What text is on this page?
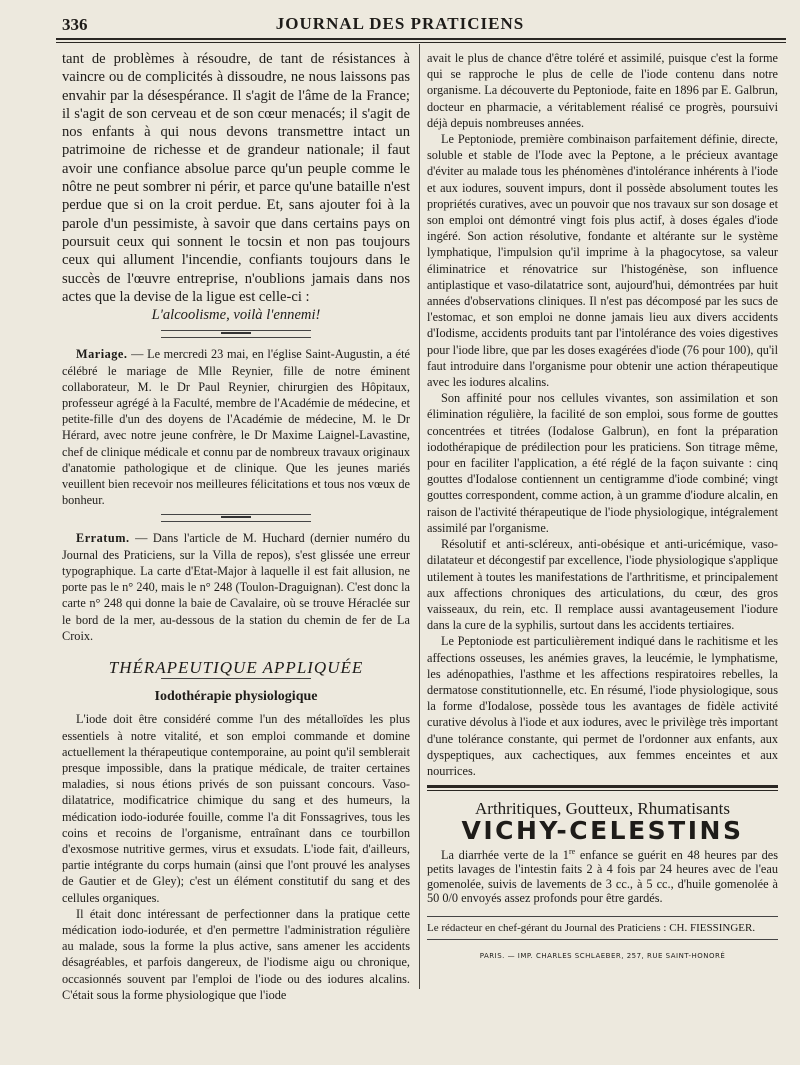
336	JOURNAL DES PRATICIENS

tant de problèmes à résoudre, de tant de résistances à vaincre ou de complicités à dissoudre, ne nous laissons pas envahir par la désespérance. Il s'agit de l'âme de la France; il s'agit de son cerveau et de son cœur menacés; il s'agit de nos enfants à qui nous devons transmettre intact un patrimoine de richesse et de grandeur nationale; il faut avoir une confiance absolue parce qu'un peuple comme le nôtre ne peut sombrer ni périr, et parce qu'une bataille n'est perdue que si on la croit perdue. Et, sans ajouter foi à la parole d'un pessimiste, à savoir que dans certains pays on poursuit ceux qui sonnent le tocsin et non pas toujours ceux qui allument l'incendie, confiants toujours dans le succès de l'œuvre entreprise, n'oublions jamais dans nos actes que la devise de la ligue est celle-ci :

L'alcoolisme, voilà l'ennemi!

Mariage. — Le mercredi 23 mai, en l'église Saint-Augustin, a été célébré le mariage de Mlle Reynier, fille de notre éminent collaborateur, M. le Dr Paul Reynier, chirurgien des Hôpitaux, professeur agrégé à la Faculté, membre de l'Académie de médecine, et petite-fille d'un des doyens de l'Académie de médecine, M. le Dr Hérard, avec notre jeune confrère, le Dr Maxime Laignel-Lavastine, chef de clinique médicale et connu par de nombreux travaux originaux d'anatomie pathologique et de clinique. Que les jeunes mariés veuillent bien recevoir nos meilleures félicitations et tous nos vœux de bonheur.

Erratum. — Dans l'article de M. Huchard (dernier numéro du Journal des Praticiens, sur la Villa de repos), s'est glissée une erreur typographique. La carte d'Etat-Major à laquelle il est fait allusion, ne porte pas le n° 240, mais le n° 248 (Toulon-Draguignan). C'est donc la carte n° 248 qui donne la baie de Cavalaire, où se trouve Héraclée sur le bord de la mer, au-dessous de la station du chemin de fer de La Croix.

THÉRAPEUTIQUE APPLIQUÉE
Iodothérapie physiologique

L'iode doit être considéré comme l'un des métalloïdes les plus essentiels à notre vitalité, et son emploi commande et domine actuellement la thérapeutique contemporaine, au point qu'il semblerait presque impossible, dans la pratique médicale, de traiter certaines maladies, si nous étions privés de son puissant concours. Vaso-dilatatrice, modificatrice chimique du sang et des humeurs, la médication iodo-iodurée fouille, comme l'a dit Fonssagrives, tous les coins et recoins de l'organisme, entraînant dans ce tourbillon d'exosmose nutritive germes, virus et exsudats. L'iode fait, d'ailleurs, partie intégrante du corps humain (ainsi que l'ont prouvé les analyses de Gautier et de Gley); c'est un élément constitutif du sang et des cellules organiques.

Il était donc intéressant de perfectionner dans la pratique cette médication iodo-iodurée, et d'en permettre l'administration régulière au malade, sous la forme la plus active, sans amener les accidents désagréables, et parfois dangereux, de l'iodisme aigu ou chronique, occasionnés souvent par l'emploi de l'iode ou des iodures alcalins. C'était sous la forme physiologique que l'iode

avait le plus de chance d'être toléré et assimilé, puisque c'est la forme qui se rapproche le plus de celle de l'iode contenu dans notre organisme. La découverte du Peptoniode, faite en 1896 par E. Galbrun, docteur en pharmacie, a véritablement réalisé ce progrès, poursuivi déjà depuis nombreuses années.

Le Peptoniode, première combinaison parfaitement définie, directe, soluble et stable de l'Iode avec la Peptone, a le précieux avantage d'éviter au malade tous les phénomènes d'intolérance inhérents à l'iode et aux iodures, souvent impurs, dont il possède absolument toutes les propriétés curatives, avec un pouvoir que nos travaux sur son dosage et son emploi ont démontré vingt fois plus actif, à doses égales d'iode ingéré. Son action résolutive, fondante et altérante sur le système lymphatique, l'impulsion qu'il imprime à la phagocytose, sa valeur éliminatrice et rénovatrice sur l'histogénèse, son influence antiplastique et vaso-dilatatrice sont, aujourd'hui, démontrées par huit années d'observations cliniques. Il n'est pas décomposé par les sucs de l'estomac, et son emploi ne donne jamais lieu aux divers accidents d'Iodisme, accidents produits tant par l'intolérance des voies digestives pour l'iode libre, que par les doses exagérées d'iode (76 pour 100), qu'il faut introduire dans l'organisme pour obtenir une action thérapeutique avec les iodures alcalins.

Son affinité pour nos cellules vivantes, son assimilation et son élimination régulière, la facilité de son emploi, sous forme de gouttes concentrées et titrées (Iodalose Galbrun), en font la préparation iodothérapique de prédilection pour les praticiens. Son titrage même, pour en faciliter l'application, a été réglé de la façon suivante : cinq gouttes d'Iodalose contiennent un centigramme d'iode combiné; vingt gouttes correspondent, comme action, à un gramme d'iodure alcalin, en raison de l'activité thérapeutique de l'iode physiologique, intégralement assimilé par l'organisme.

Résolutif et anti-scléreux, anti-obésique et anti-uricémique, vaso-dilatateur et décongestif par excellence, l'iode physiologique s'applique utilement à toutes les manifestations de l'arthritisme, et principalement aux affections chroniques des articulations, du cœur, des gros vaisseaux, du rein, etc. Il remplace aussi avantageusement l'iodure dans la cure de la syphilis, surtout dans les accidents tertiaires.

Le Peptoniode est particulièrement indiqué dans le rachitisme et les affections osseuses, les anémies graves, la leucémie, le lymphatisme, les adénopathies, l'asthme et les affections respiratoires rebelles, la dermatose constitutionnelle, etc. En résumé, l'iode physiologique, sous la forme d'Iodalose, possède tous les avantages de fidèle activité curative dévolus à l'iode et aux iodures, avec le privilège très important d'une tolérance constante, qui permet de l'ordonner aux enfants, aux dyspeptiques, aux cachectiques, aux femmes enceintes et aux nourrices.

Arthritiques, Goutteux, Rhumatisants
VICHY-CELESTINS

La diarrhée verte de la 1re enfance se guérit en 48 heures par des petits lavages de l'intestin faits 2 à 4 fois par 24 heures avec de l'eau gomenolée, suivis de lavements de 3 cc., à 5 cc., d'huile gomenolée à 50 0/0 envoyés assez profonds pour être gardés.

Le rédacteur en chef-gérant du Journal des Praticiens : CH. FIESSINGER.
PARIS. — IMP. CHARLES SCHLAEBER, 257, RUE SAINT-HONORÉ
